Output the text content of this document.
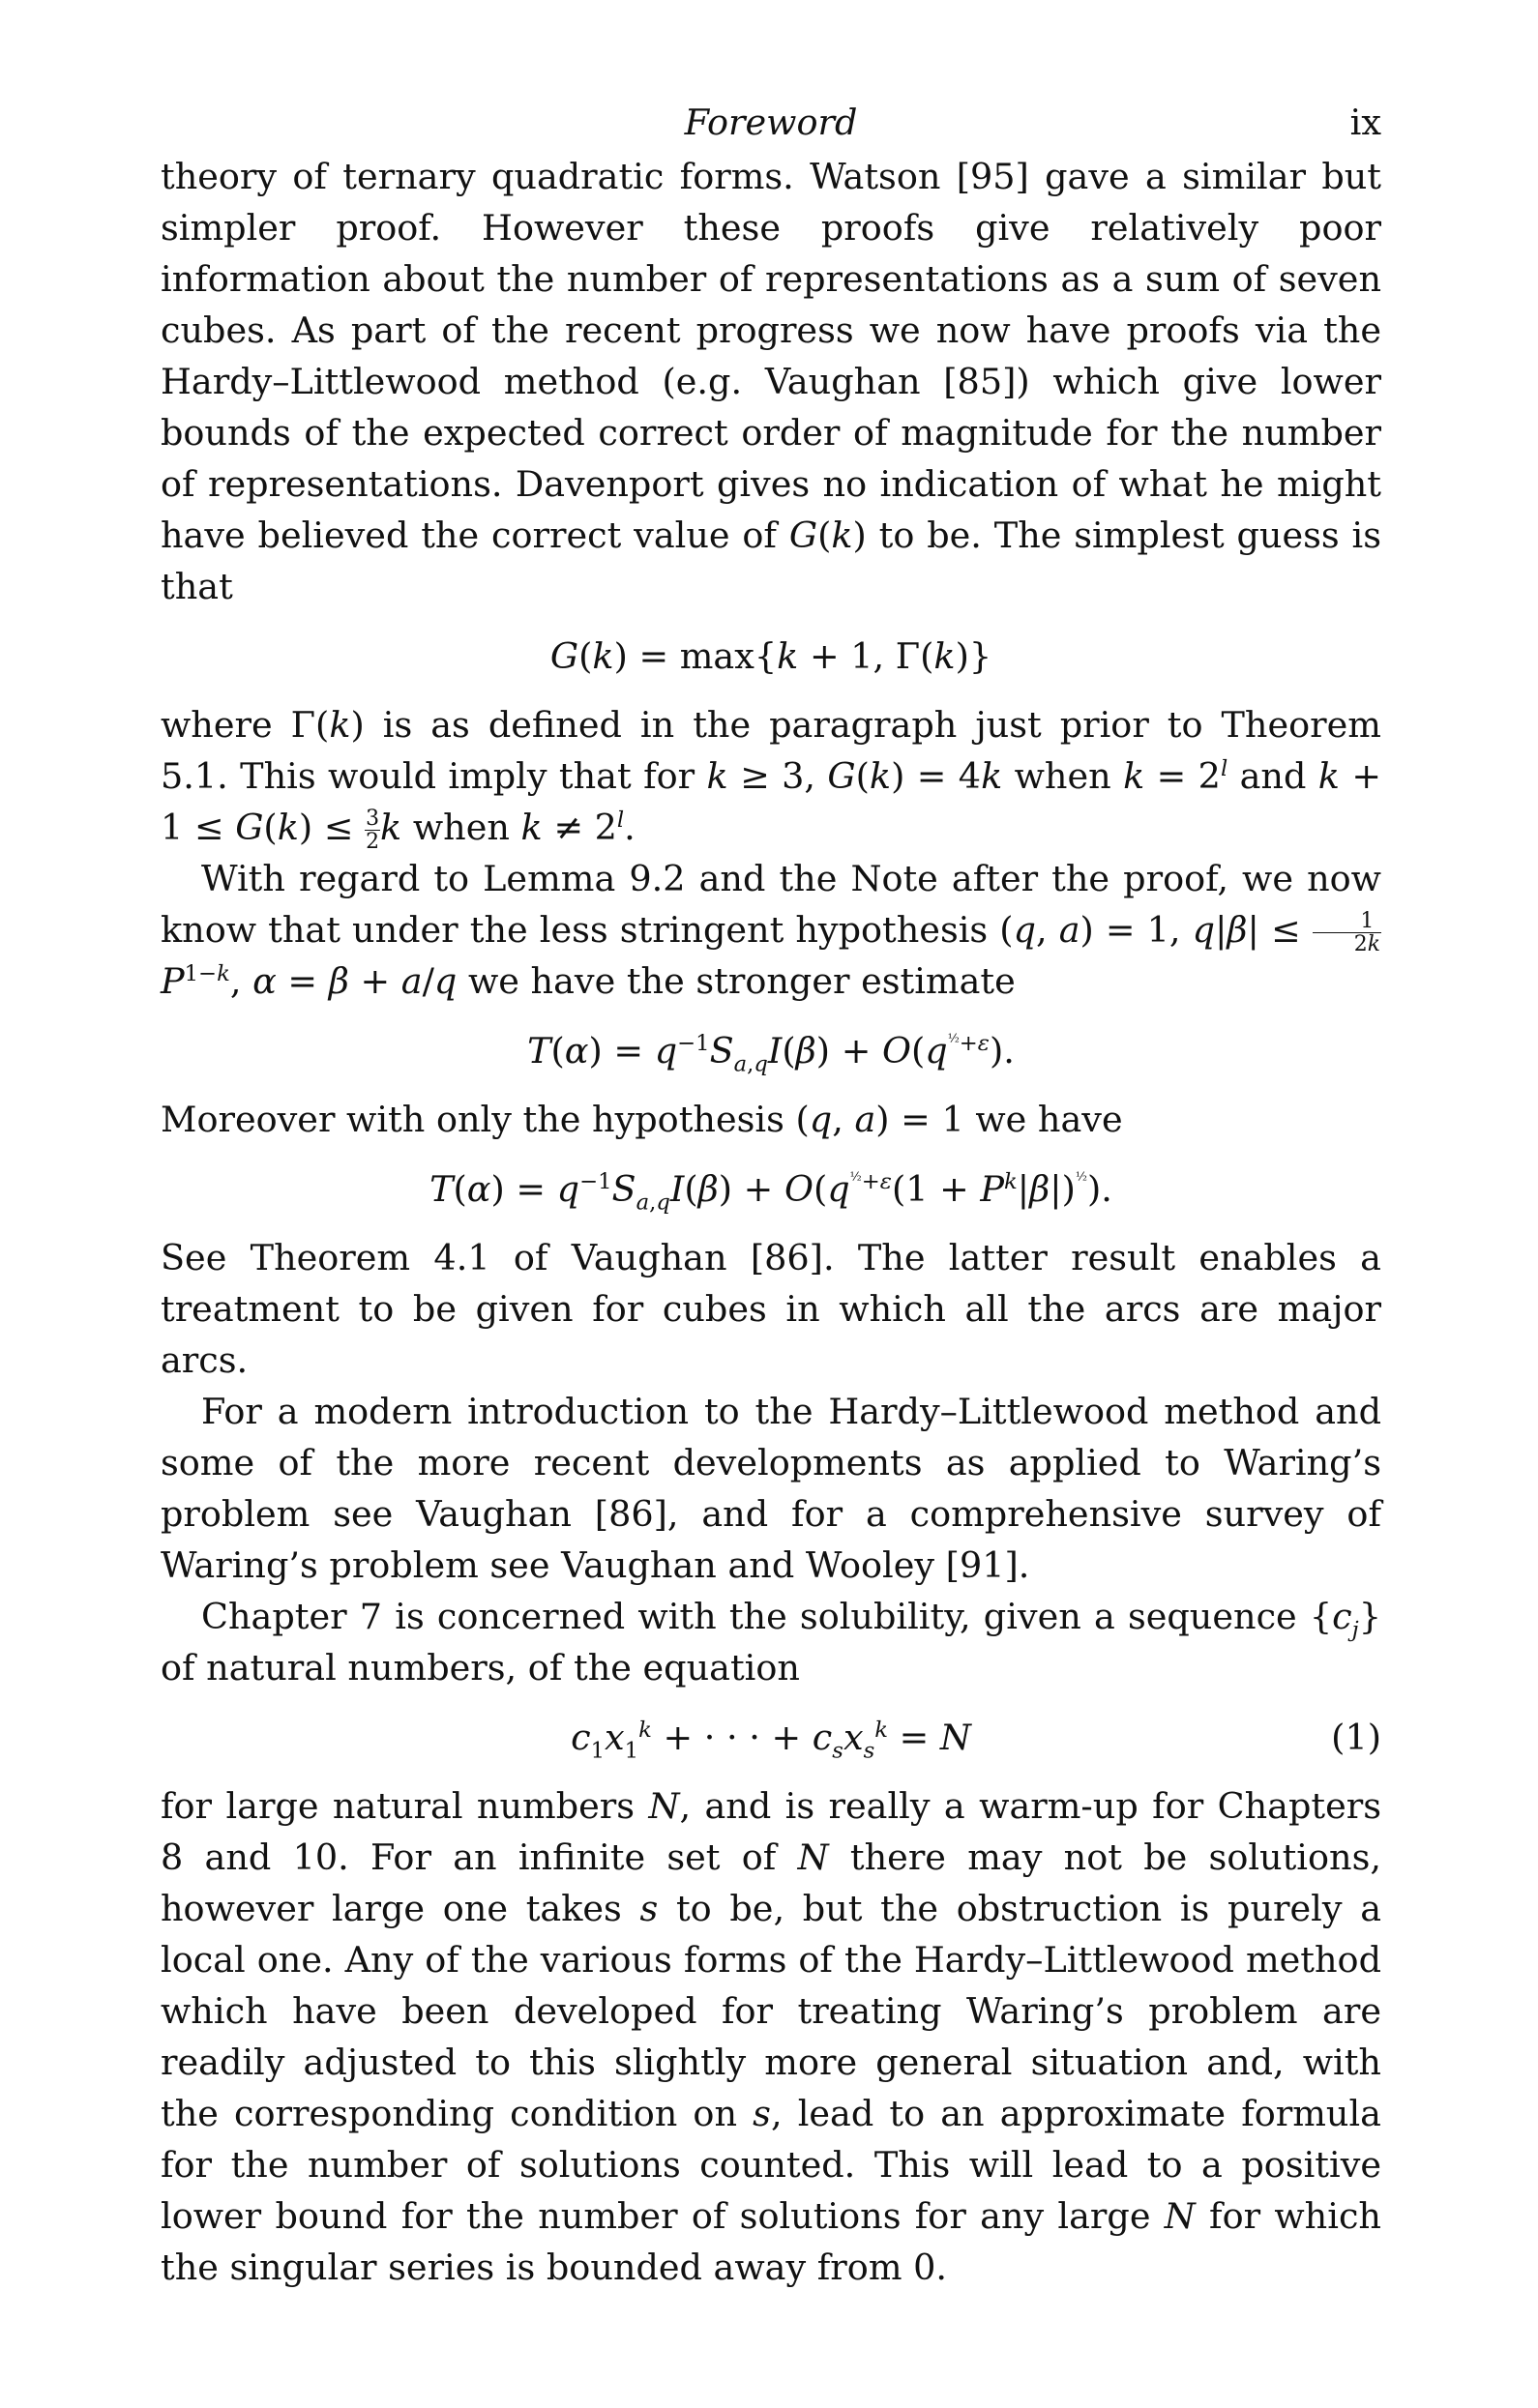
Foreword	ix

theory of ternary quadratic forms. Watson [95] gave a similar but simpler proof. However these proofs give relatively poor information about the number of representations as a sum of seven cubes. As part of the recent progress we now have proofs via the Hardy–Littlewood method (e.g. Vaughan [85]) which give lower bounds of the expected correct order of magnitude for the number of representations. Davenport gives no indication of what he might have believed the correct value of G(k) to be. The simplest guess is that

G(k) = max{k + 1, Γ(k)}

where Γ(k) is as defined in the paragraph just prior to Theorem 5.1. This would imply that for k ≥ 3, G(k) = 4k when $k = 2^l$ and $k + 1 \le G(k) \le \frac{3}{2}$ k when $k \ne 2^l$.

With regard to Lemma 9.2 and the Note after the proof, we now know that under the less stringent hypothesis (q, a) = 1, $q|\beta| \le \frac{1}{2k}$
$P^{1-k}$, α = β + a/q we have the stronger estimate

$T(\alpha) = q^{-1}S_{a,q}I(\beta) + O(q^{^{\frac{1}{2}}+\varepsilon})$.

Moreover with only the hypothesis (q, a) = 1 we have

$T(\alpha) = q^{-1}S_{a,q}I(\beta) + O(q^{^{\frac{1}{2}}+\varepsilon}(1 + P^k|\beta|)^{^{\frac{1}{2}}})$.

See Theorem 4.1 of Vaughan [86]. The latter result enables a treatment to be given for cubes in which all the arcs are major arcs.

For a modern introduction to the Hardy–Littlewood method and some of the more recent developments as applied to Waring’s problem see Vaughan [86], and for a comprehensive survey of Waring’s problem see Vaughan and Wooley [91].

Chapter 7 is concerned with the solubility, given a sequence $\{c_j\}$ of natural numbers, of the equation

$c_1x_1^k$ + · · · + $c_sx_s^k = N$	(1)

for large natural numbers N, and is really a warm-up for Chapters 8 and 10. For an infinite set of N there may not be solutions, however large one takes s to be, but the obstruction is purely a local one. Any of the various forms of the Hardy–Littlewood method which have been developed for treating Waring’s problem are readily adjusted to this slightly more general situation and, with the corresponding condition on s, lead to an approximate formula for the number of solutions counted. This will lead to a positive lower bound for the number of solutions for any large N for which the singular series is bounded away from 0.
